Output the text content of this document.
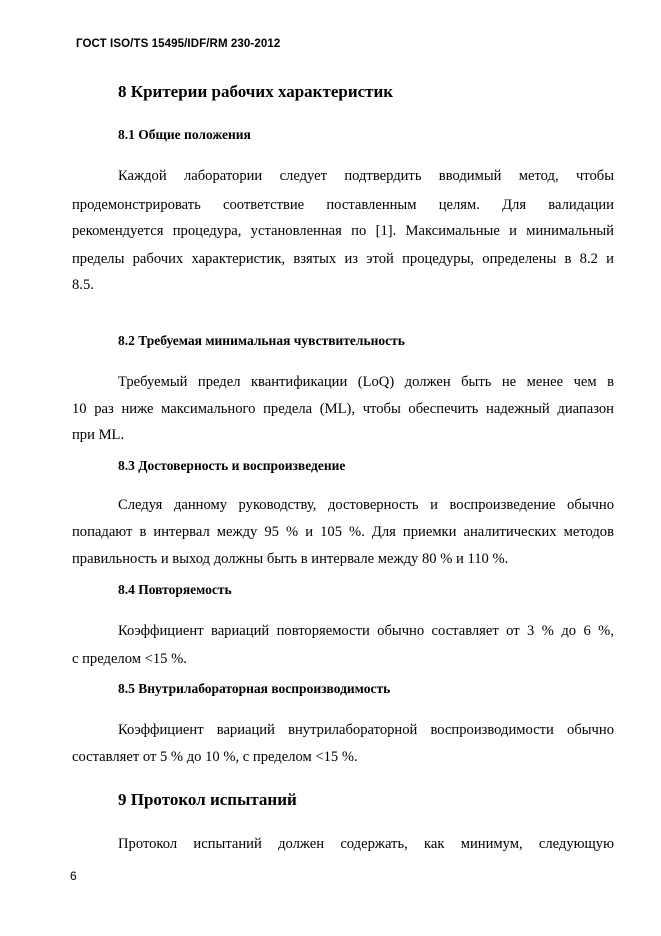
ГОСТ ISO/TS 15495/IDF/RM 230-2012
8 Критерии рабочих характеристик
8.1 Общие положения
Каждой лаборатории следует подтвердить вводимый метод, чтобы
продемонстрировать соответствие поставленным целям. Для валидации
рекомендуется процедура, установленная по [1]. Максимальные и минимальный
пределы рабочих характеристик, взятых из этой процедуры, определены в 8.2 и
8.5.
8.2 Требуемая минимальная чувствительность
Требуемый предел квантификации (LoQ) должен быть не менее чем в
10 раз ниже максимального предела (ML), чтобы обеспечить надежный диапазон
при ML.
8.3 Достоверность и воспроизведение
Следуя данному руководству, достоверность и воспроизведение обычно
попадают в интервал между 95 % и 105 %. Для приемки аналитических методов
правильность и выход должны быть в интервале между 80 % и 110 %.
8.4 Повторяемость
Коэффициент вариаций повторяемости обычно составляет от 3 % до 6 %,
с пределом <15 %.
8.5 Внутрилабораторная воспроизводимость
Коэффициент вариаций внутрилабораторной воспроизводимости обычно
составляет от 5 % до 10 %, с пределом <15 %.
9 Протокол испытаний
Протокол испытаний должен содержать, как минимум, следующую
6
